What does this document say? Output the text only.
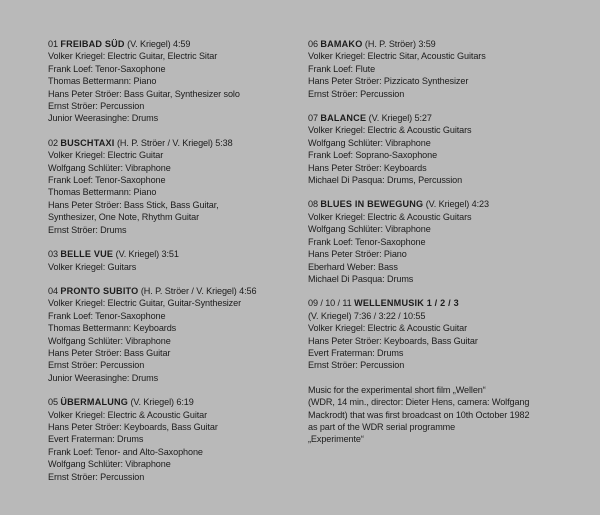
01 FREIBAD SÜD (V. Kriegel) 4:59
Volker Kriegel: Electric Guitar, Electric Sitar
Frank Loef: Tenor-Saxophone
Thomas Bettermann: Piano
Hans Peter Ströer: Bass Guitar, Synthesizer solo
Ernst Ströer: Percussion
Junior Weerasinghe: Drums
02 BUSCHTAXI (H. P. Ströer / V. Kriegel) 5:38
Volker Kriegel: Electric Guitar
Wolfgang Schlüter: Vibraphone
Frank Loef: Tenor-Saxophone
Thomas Bettermann: Piano
Hans Peter Ströer: Bass Stick, Bass Guitar,
Synthesizer, One Note, Rhythm Guitar
Ernst Ströer: Drums
03 BELLE VUE (V. Kriegel) 3:51
Volker Kriegel: Guitars
04 PRONTO SUBITO (H. P. Ströer / V. Kriegel) 4:56
Volker Kriegel: Electric Guitar, Guitar-Synthesizer
Frank Loef: Tenor-Saxophone
Thomas Bettermann: Keyboards
Wolfgang Schlüter: Vibraphone
Hans Peter Ströer: Bass Guitar
Ernst Ströer: Percussion
Junior Weerasinghe: Drums
05 ÜBERMALUNG (V. Kriegel) 6:19
Volker Kriegel: Electric & Acoustic Guitar
Hans Peter Ströer: Keyboards, Bass Guitar
Evert Fraterman: Drums
Frank Loef: Tenor- and Alto-Saxophone
Wolfgang Schlüter: Vibraphone
Ernst Ströer: Percussion
06 BAMAKO (H. P. Ströer) 3:59
Volker Kriegel: Electric Sitar, Acoustic Guitars
Frank Loef: Flute
Hans Peter Ströer: Pizzicato Synthesizer
Ernst Ströer: Percussion
07 BALANCE (V. Kriegel) 5:27
Volker Kriegel: Electric & Acoustic Guitars
Wolfgang Schlüter: Vibraphone
Frank Loef: Soprano-Saxophone
Hans Peter Ströer: Keyboards
Michael Di Pasqua: Drums, Percussion
08 BLUES IN BEWEGUNG (V. Kriegel) 4:23
Volker Kriegel: Electric & Acoustic Guitars
Wolfgang Schlüter: Vibraphone
Frank Loef: Tenor-Saxophone
Hans Peter Ströer: Piano
Eberhard Weber: Bass
Michael Di Pasqua: Drums
09 / 10 / 11 WELLENMUSIK 1 / 2 / 3
(V. Kriegel) 7:36 / 3:22 / 10:55
Volker Kriegel: Electric & Acoustic Guitar
Hans Peter Ströer: Keyboards, Bass Guitar
Evert Fraterman: Drums
Ernst Ströer: Percussion
Music for the experimental short film „Wellen“
(WDR, 14 min., director: Dieter Hens, camera: Wolfgang
Mackrodt) that was first broadcast on 10th October 1982
as part of the WDR serial programme
„Experimente“
